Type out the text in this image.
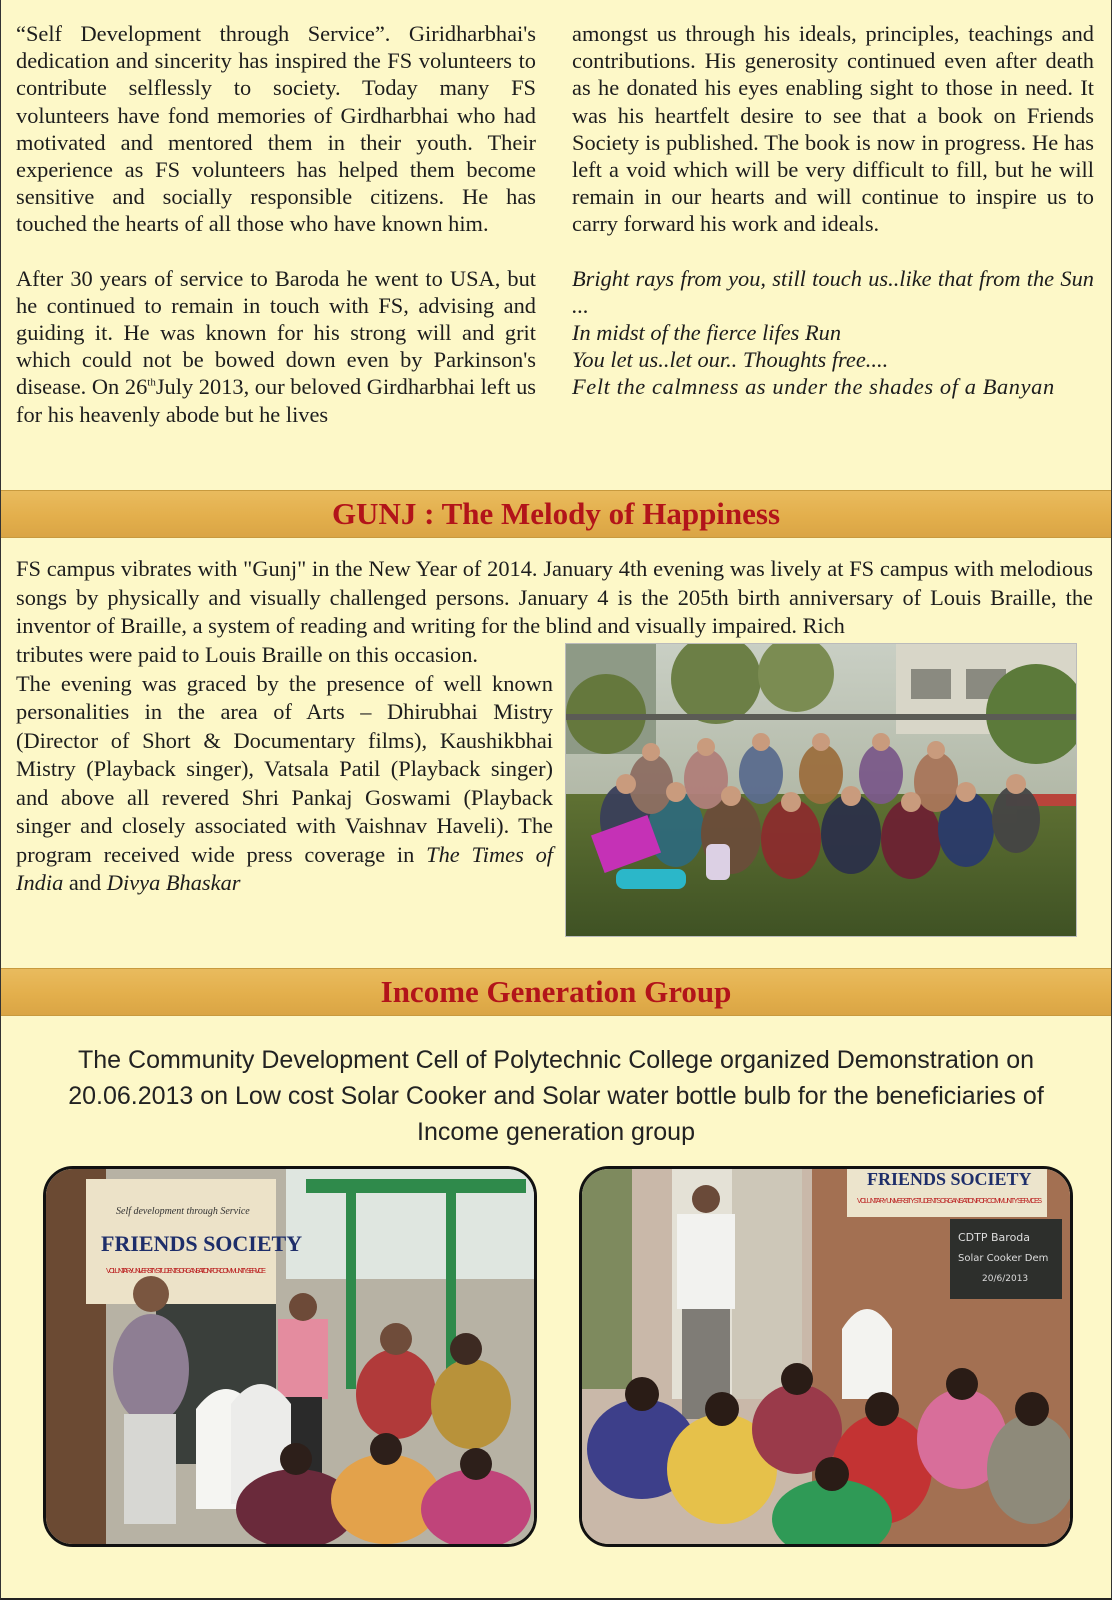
“Self Development through Service”. Giridharbhai's dedication and sincerity has inspired the FS volunteers to contribute selflessly to society. Today many FS volunteers have fond memories of Girdharbhai who had motivated and mentored them in their youth. Their experience as FS volunteers has helped them become sensitive and socially responsible citizens. He has touched the hearts of all those who have known him.

After 30 years of service to Baroda he went to USA, but he continued to remain in touch with FS, advising and guiding it. He was known for his strong will and grit which could not be bowed down even by Parkinson's disease. On 26thJuly 2013, our beloved Girdharbhai left us for his heavenly abode but he lives

amongst us through his ideals, principles, teachings and contributions. His generosity continued even after death as he donated his eyes enabling sight to those in need. It was his heartfelt desire to see that a book on Friends Society is published. The book is now in progress. He has left a void which will be very difficult to fill, but he will remain in our hearts and will continue to inspire us to carry forward his work and ideals.

Bright rays from you, still touch us..like that from the Sun ...

In midst of the fierce lifes Run

You let us..let our.. Thoughts free....

Felt the calmness as under the shades of a Banyan

GUNJ : The Melody of Happiness

FS campus vibrates with "Gunj" in the New Year of 2014. January 4th evening was lively at FS campus with melodious songs by physically and visually challenged persons. January 4 is the 205th birth anniversary of Louis Braille, the inventor of Braille, a system of reading and writing for the blind and visually impaired. Rich

tributes were paid to Louis Braille on this occasion.

The evening was graced by the presence of well known personalities in the area of Arts – Dhirubhai Mistry (Director of Short & Documentary films), Kaushikbhai Mistry (Playback singer), Vatsala Patil (Playback singer) and above all revered Shri Pankaj Goswami (Playback singer and closely associated with Vaishnav Haveli). The program received wide press coverage in The Times of India and Divya Bhaskar

Income Generation Group
The Community Development Cell of Polytechnic College organized Demonstration on 20.06.2013 on Low cost Solar Cooker and Solar water bottle bulb for the beneficiaries of Income generation group
Self development through Service
FRIENDS SOCIETY
VOLUNTARY UNIVERSITY STUDENTS ORGANISATION FOR COMMUNITY SERVICE
FRIENDS SOCIETY
VOLUNTARY UNIVERSITY STUDENTS ORGANISATION FOR COMMUNITY SERVICES
CDTP Baroda
Solar Cooker Dem
20/6/2013
